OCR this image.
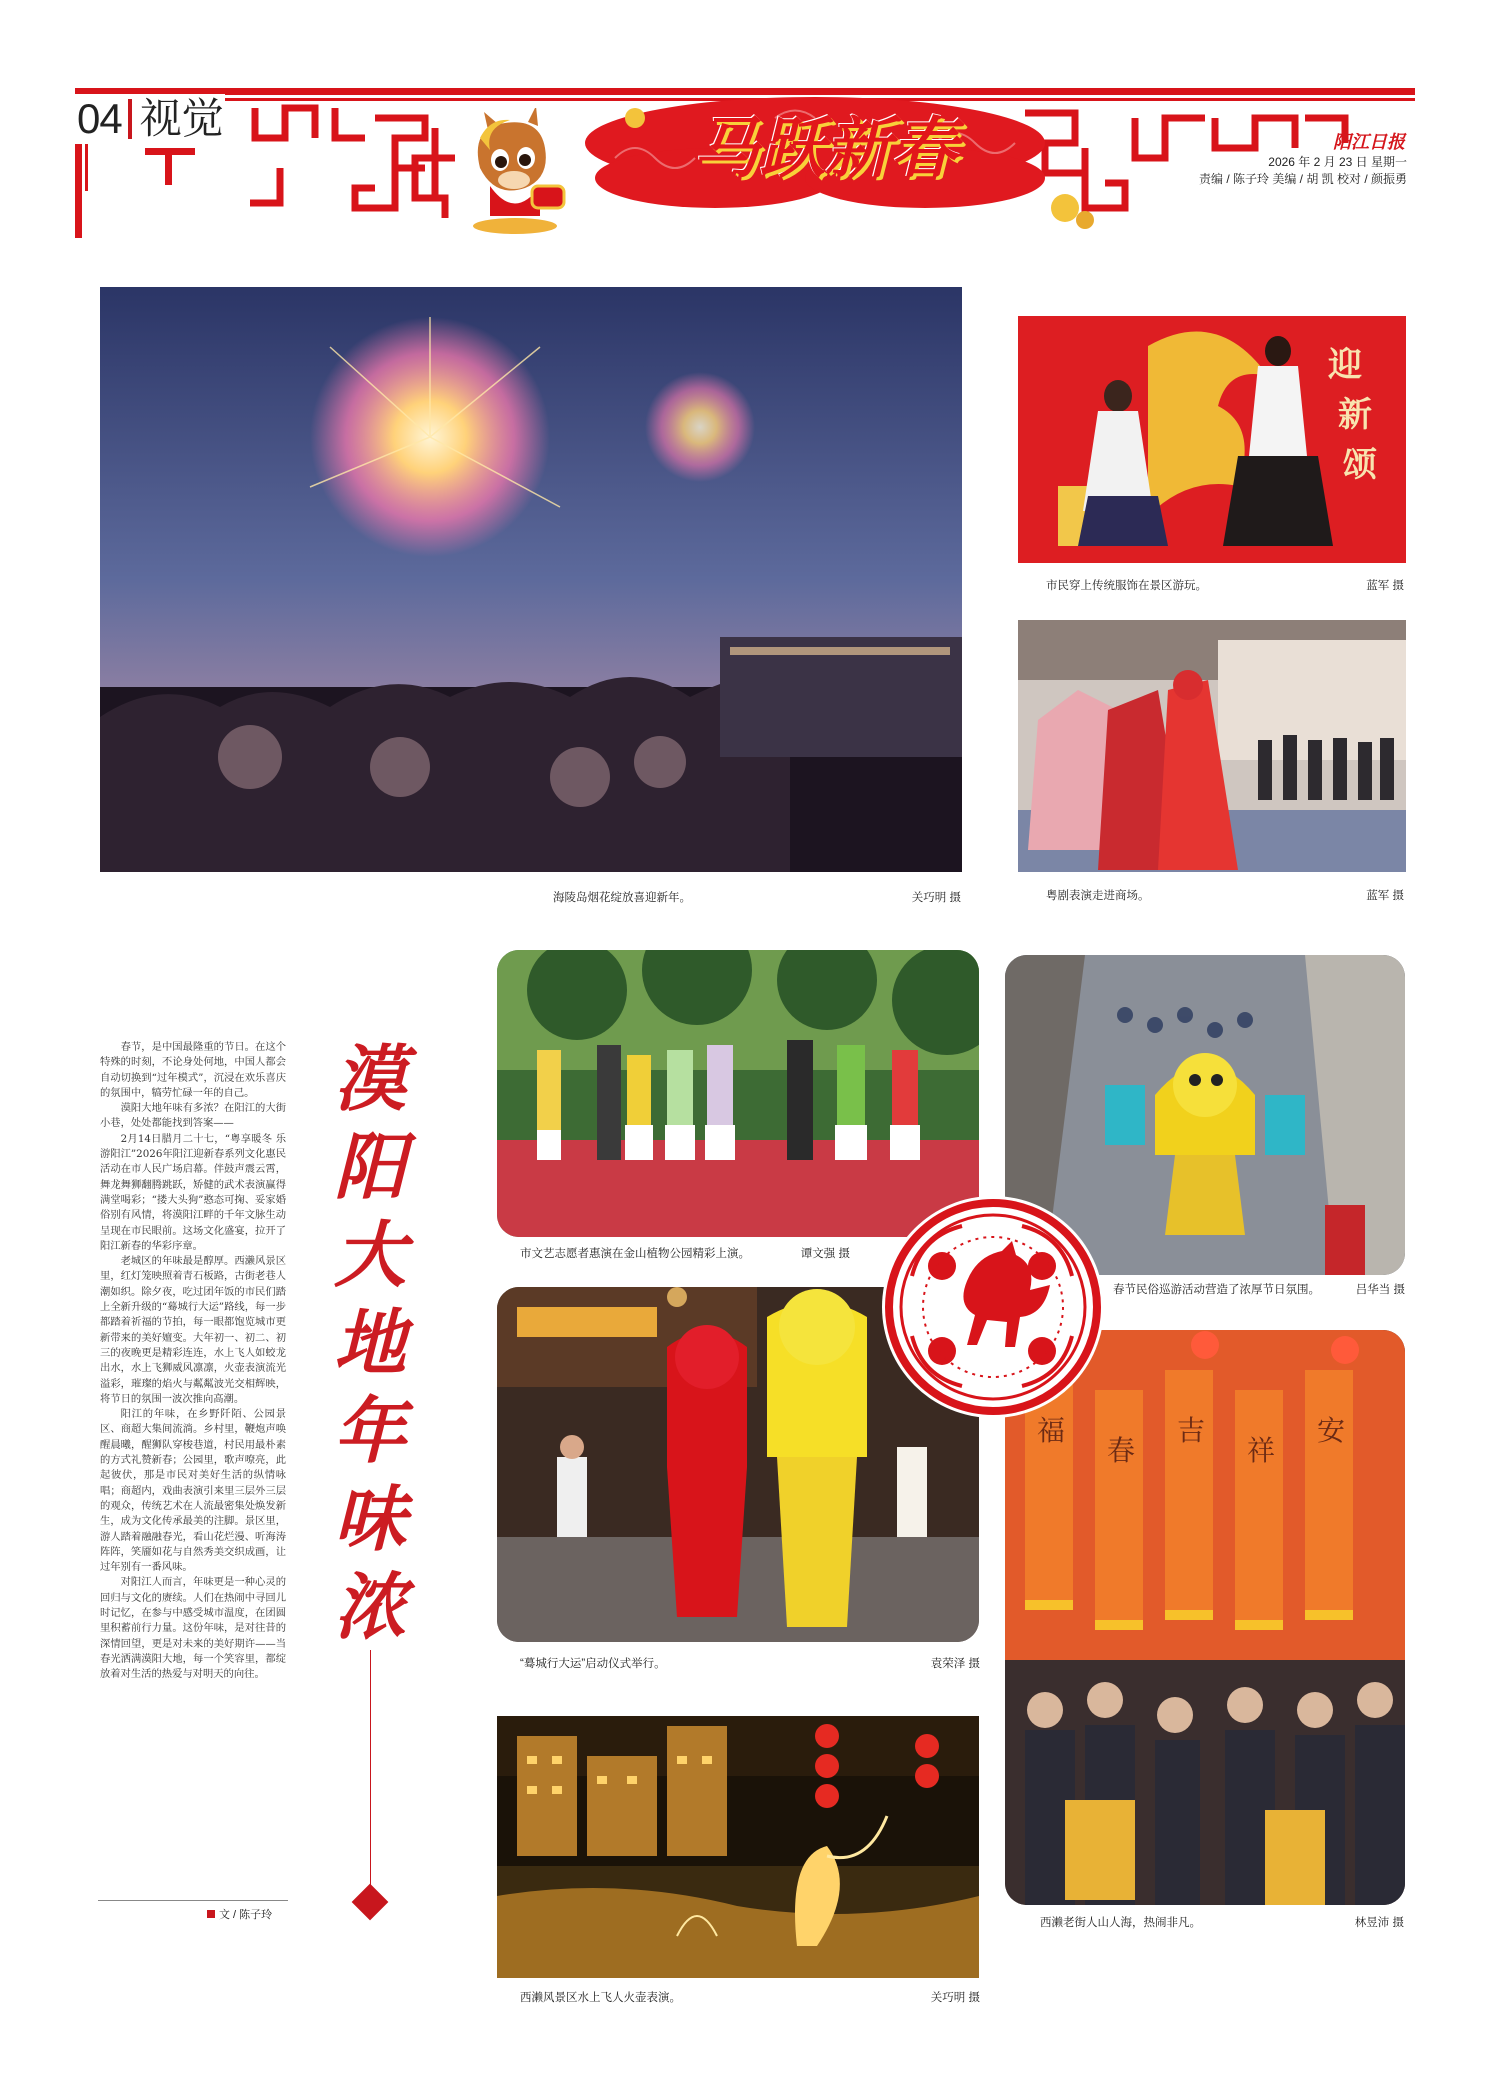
04 视觉	马跃新春	阳江日报
2026 年 2 月 23 日 星期一
责编 / 陈子玲 美编 / 胡 凯 校对 / 颜振勇
海陵岛烟花绽放喜迎新年。	关巧明 摄
迎
新
颂
市民穿上传统服饰在景区游玩。	蓝军 摄
粤剧表演走进商场。	蓝军 摄
市文艺志愿者惠演在金山植物公园精彩上演。	谭文强 摄
春节民俗巡游活动营造了浓厚节日氛围。	吕华当 摄
“蓦城行大运”启动仪式举行。	袁荣泽 摄
福
春
吉
祥
安
西濑老街人山人海，热闹非凡。	林昱沛 摄
西濑风景区水上飞人火壶表演。	关巧明 摄

春节，是中国最隆重的节日。在这个特殊的时刻，不论身处何地，中国人都会自动切换到“过年模式”，沉浸在欢乐喜庆的氛围中，犒劳忙碌一年的自己。

漠阳大地年味有多浓？在阳江的大街小巷，处处都能找到答案——

2月14日腊月二十七，“粤享暖冬 乐游阳江”2026年阳江迎新春系列文化惠民活动在市人民广场启幕。伴鼓声震云霄，舞龙舞狮翻腾跳跃，矫健的武术表演赢得满堂喝彩；“搂大头狗”憨态可掬、妥家婚俗别有风情，将漠阳江畔的千年文脉生动呈现在市民眼前。这场文化盛宴，拉开了阳江新春的华彩序章。

老城区的年味最是醇厚。西濑风景区里，红灯笼映照着青石板路，古街老巷人潮如织。除夕夜，吃过团年饭的市民们踏上全新升级的“蓦城行大运”路线，每一步都踏着祈福的节拍，每一眼都饱览城市更新带来的美好嬗变。大年初一、初二、初三的夜晚更是精彩连连，水上飞人如蛟龙出水，水上飞狮威风凛凛，火壶表演流光溢彩，璀璨的焰火与粼粼波光交相辉映，将节日的氛围一波次推向高潮。

阳江的年味，在乡野阡陌、公园景区、商超大集间流淌。乡村里，鞭炮声唤醒晨曦，醒狮队穿梭巷道，村民用最朴素的方式礼赞新春；公园里，歌声嘹亮，此起彼伏，那是市民对美好生活的纵情咏唱；商超内，戏曲表演引来里三层外三层的观众，传统艺术在人流最密集处焕发新生，成为文化传承最美的注脚。景区里，游人踏着融融春光，看山花烂漫、听海涛阵阵，笑靥如花与自然秀美交织成画，让过年别有一番风味。

对阳江人而言，年味更是一种心灵的回归与文化的赓续。人们在热闹中寻回儿时记忆，在参与中感受城市温度，在团圆里积蓄前行力量。这份年味，是对往昔的深情回望，更是对未来的美好期许——当春光洒满漠阳大地，每一个笑容里，都绽放着对生活的热爱与对明天的向往。

文 / 陈子玲
漠
阳
大
地
年
味
浓
